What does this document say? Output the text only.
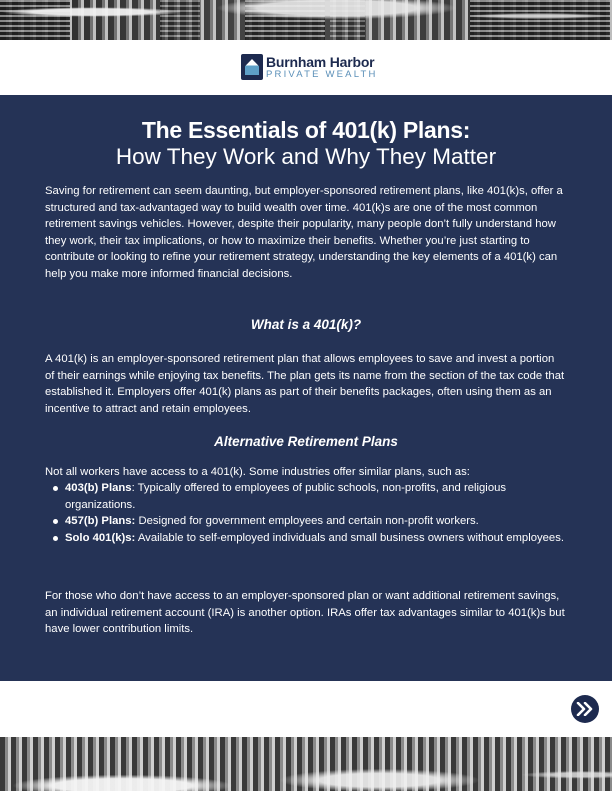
Burnham Harbor
PRIVATE WEALTH
The Essentials of 401(k) Plans:
How They Work and Why They Matter

Saving for retirement can seem daunting, but employer-sponsored retirement plans, like 401(k)s, offer a structured and tax-advantaged way to build wealth over time. 401(k)s are one of the most common retirement savings vehicles. However, despite their popularity, many people don’t fully understand how they work, their tax implications, or how to maximize their benefits. Whether you’re just starting to contribute or looking to refine your retirement strategy, understanding the key elements of a 401(k) can help you make more informed financial decisions.

What is a 401(k)?

A 401(k) is an employer-sponsored retirement plan that allows employees to save and invest a portion of their earnings while enjoying tax benefits. The plan gets its name from the section of the tax code that established it. Employers offer 401(k) plans as part of their benefits packages, often using them as an incentive to attract and retain employees.

Alternative Retirement Plans

Not all workers have access to a 401(k). Some industries offer similar plans, such as:

403(b) Plans: Typically offered to employees of public schools, non-profits, and religious organizations.
457(b) Plans: Designed for government employees and certain non-profit workers.
Solo 401(k)s: Available to self-employed individuals and small business owners without employees.

For those who don’t have access to an employer-sponsored plan or want additional retirement savings, an individual retirement account (IRA) is another option. IRAs offer tax advantages similar to 401(k)s but have lower contribution limits.
